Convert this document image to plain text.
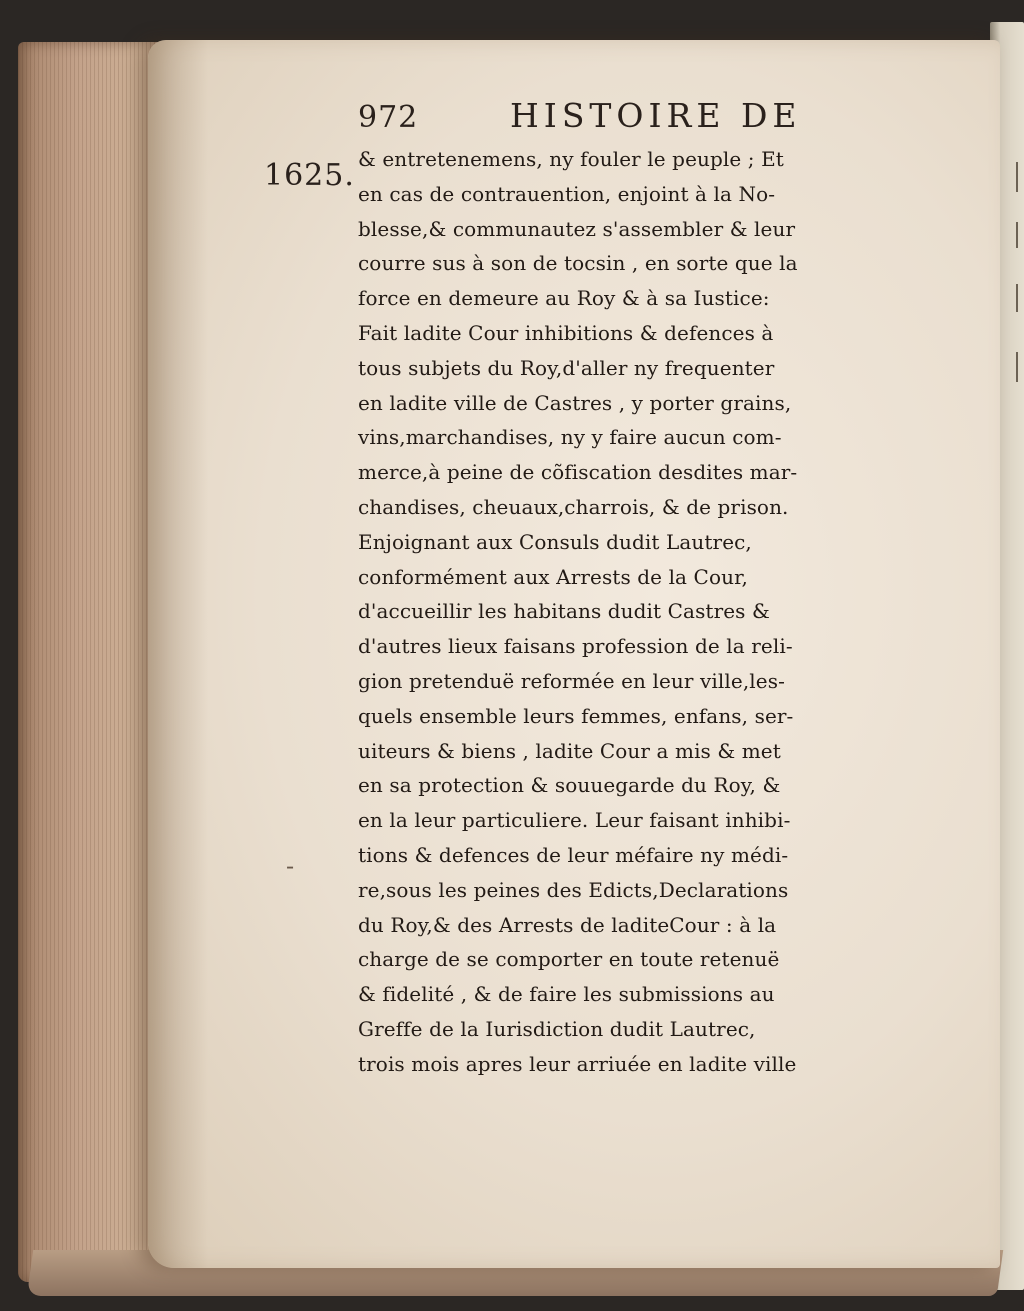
972	HISTOIRE DE
1625.
-
& entretenemens, ny fouler le peuple ; Et
en cas de contrauention, enjoint à la No-
blesse,& communautez s'assembler & leur
courre sus à son de tocsin , en sorte que la
force en demeure au Roy & à sa Iustice:
Fait ladite Cour inhibitions & defences à
tous subjets du Roy,d'aller ny frequenter
en ladite ville de Castres , y porter grains,
vins,marchandises, ny y faire aucun com-
merce,à peine de cõfiscation desdites mar-
chandises, cheuaux,charrois, & de prison.
Enjoignant aux Consuls dudit Lautrec,
conformément aux Arrests de la Cour,
d'accueillir les habitans dudit Castres &
d'autres lieux faisans profession de la reli-
gion pretenduë reformée en leur ville,les-
quels ensemble leurs femmes, enfans, ser-
uiteurs & biens , ladite Cour a mis & met
en sa protection & souuegarde du Roy, &
en la leur particuliere. Leur faisant inhibi-
tions & defences de leur méfaire ny médi-
re,sous les peines des Edicts,Declarations
du Roy,& des Arrests de laditeCour : à la
charge de se comporter en toute retenuë
& fidelité , & de faire les submissions au
Greffe de la Iurisdiction dudit Lautrec,
trois mois apres leur arriuée en ladite ville
